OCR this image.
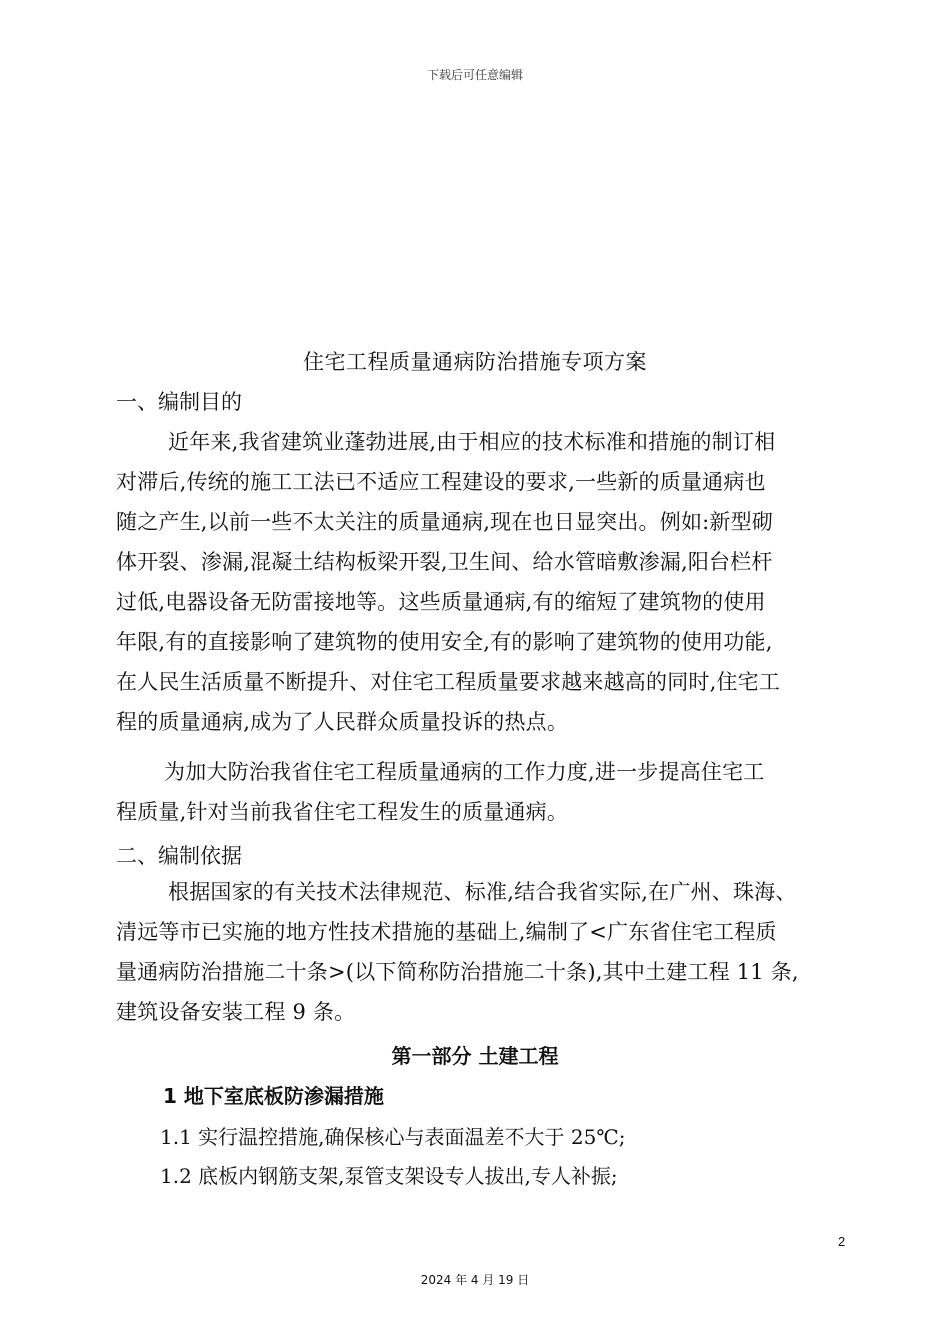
下载后可任意编辑
住宅工程质量通病防治措施专项方案
一、编制目的
近年来,我省建筑业蓬勃进展,由于相应的技术标准和措施的制订相
对滞后,传统的施工工法已不适应工程建设的要求,一些新的质量通病也
随之产生,以前一些不太关注的质量通病,现在也日显突出。例如:新型砌
体开裂、渗漏,混凝土结构板梁开裂,卫生间、给水管暗敷渗漏,阳台栏杆
过低,电器设备无防雷接地等。这些质量通病,有的缩短了建筑物的使用
年限,有的直接影响了建筑物的使用安全,有的影响了建筑物的使用功能,
在人民生活质量不断提升、对住宅工程质量要求越来越高的同时,住宅工
程的质量通病,成为了人民群众质量投诉的热点。
为加大防治我省住宅工程质量通病的工作力度,进一步提高住宅工
程质量,针对当前我省住宅工程发生的质量通病。
二、编制依据
根据国家的有关技术法律规范、标准,结合我省实际,在广州、珠海、
清远等市已实施的地方性技术措施的基础上,编制了<广东省住宅工程质
量通病防治措施二十条>(以下简称防治措施二十条),其中土建工程 11 条,
建筑设备安装工程 9 条。
第一部分 土建工程
1 地下室底板防渗漏措施
1.1 实行温控措施,确保核心与表面温差不大于 25℃;
1.2 底板内钢筋支架,泵管支架设专人拔出,专人补振;
2
2024 年 4 月 19 日
